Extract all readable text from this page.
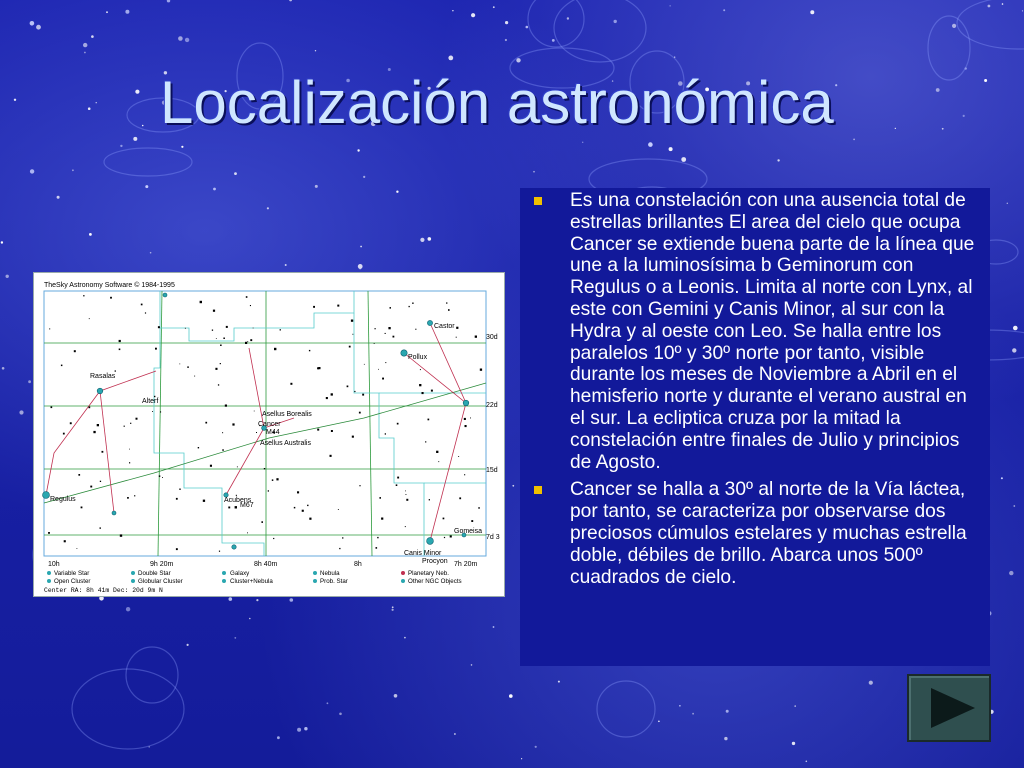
Localización astronómica
TheSky Astronomy Software © 1984-1995
Castor
Pollux
Rasalas
Alterf
Asellus Borealis
Cancer
M44
Asellus Australis
Regulus	Acubens
M67
Gomeisa
Canis Minor
Procyon
30d
22d
15d
7d 3
10h	9h 20m	8h 40m	8h	7h 20m
Variable Star	Double Star	Galaxy	Nebula	Planetary Neb.
Open Cluster	Globular Cluster	Cluster+Nebula	Prob. Star	Other NGC Objects
Center RA: 8h 41m Dec: 20d 9m N
Es una constelación con una ausencia total de estrellas brillantes El area del cielo que ocupa Cancer se extiende buena parte de la línea que une a la luminosísima b Geminorum con Regulus o a Leonis. Limita al norte con Lynx, al este con Gemini y Canis Minor, al sur con la Hydra y al oeste con Leo. Se halla entre los paralelos 10º y 30º norte por tanto, visible durante los meses de Noviembre a Abril en el hemisferio norte y durante el verano austral en el sur. La ecliptica cruza por la mitad la constelación entre finales de Julio y principios de Agosto.
Cancer se halla a 30º al norte de la Vía láctea, por tanto, se caracteriza por observarse dos preciosos cúmulos estelares y muchas estrella doble, débiles de brillo. Abarca unos 500º cuadrados de cielo.
